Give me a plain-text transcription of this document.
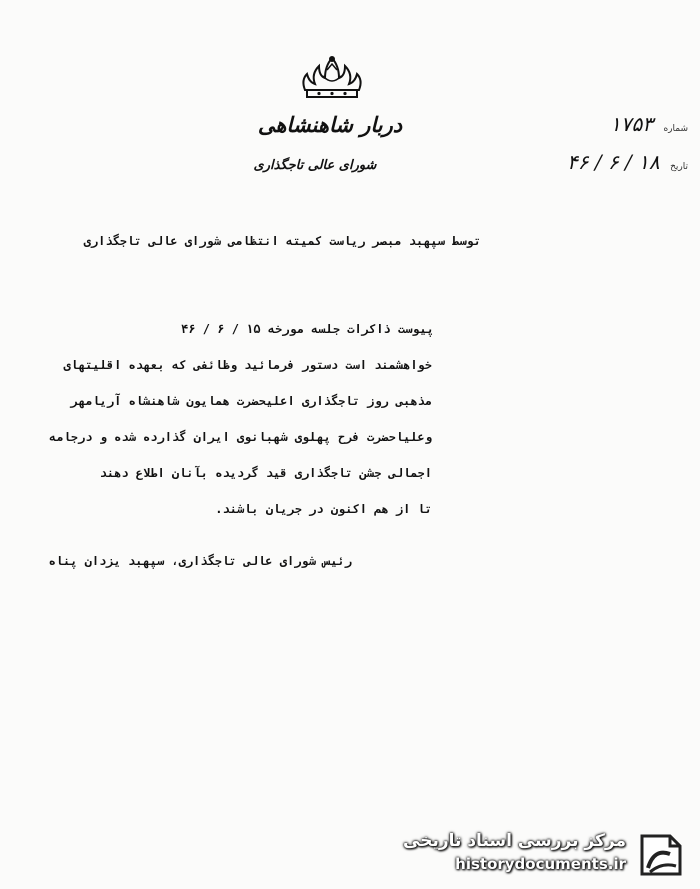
دربار شاهنشاهی
شورای عالی تاجگذاری
شماره ۱۷۵۳
تاریخ ۱۸ / ۶ / ۴۶
توسط سپهبد مبصر ریاست کمیته انتظامی شورای عالی تاجگذاری
پیوست ذاکرات جلسه مورخه ۱۵ / ۶ / ۴۶
خواهشمند است دستور فرمائید وظائفی که بعهده اقلیتهای
مذهبی روز تاجگذاری اعلیحضرت همایون شاهنشاه آریامهر
وعلیاحضرت فرح پهلوی شهبانوی ایران گذارده شده و درجامه
اجمالی جشن تاجگذاری قید گردیده بآنان اطلاع دهند
تا از هم اکنون در جریان باشند.
رئیس شورای عالی تاجگذاری، سپهبد یزدان پناه
مرکز بررسی اسناد تاریخی
historydocuments.ir
